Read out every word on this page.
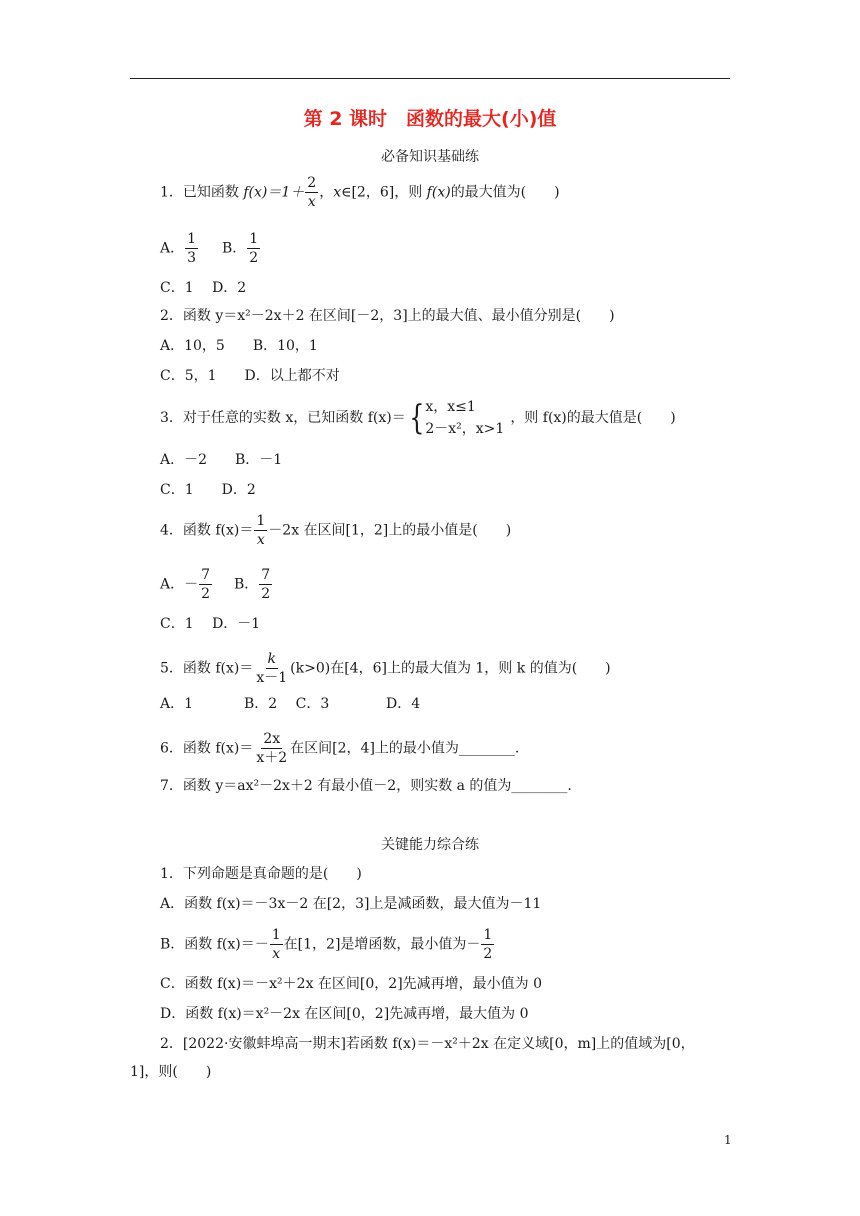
第 2 课时　函数的最大(小)值
必备知识基础练
1．已知函数 $f(x)=1+ \frac{2}{x}$ ，x∈[2，6]，则 f(x)的最大值为(　　)
A． $\frac{1}{3}$ B． $\frac{1}{2}$
C．1　 D．2
2．函数 y＝x²－2x＋2 在区间[－2，3]上的最大值、最小值分别是(　　)
A．10，5　　B．10，1
C．5，1　　D．以上都不对
3．对于任意的实数 x，已知函数 f(x)＝{ x，x≤1
2－x²，x>1
，则 f(x)的最大值是(　　)
A．－2　　B．－1
C．1　　D．2
4．函数 $f(x)= \frac{1}{x} -2x$ 在区间[1，2]上的最小值是(　　)
A．－ $\frac{7}{2}$ B． $\frac{7}{2}$
C．1　 D．－1
5．函数 $f(x)= \frac{k}{x-1} (k>0)$在[4，6]上的最大值为 1，则 k 的值为(　　)
A．1	B．2　 C．3	D．4
6．函数 $f(x)= \frac{2x}{x+2}$ 在区间[2，4]上的最小值为________.
7．函数 y＝ax²－2x＋2 有最小值－2，则实数 a 的值为________.
关键能力综合练
1．下列命题是真命题的是(　　)
A．函数 f(x)＝－3x－2 在[2，3]上是减函数，最大值为－11
B．函数 $f(x)=- \frac{1}{x}$ 在[1，2]是增函数，最小值为－ $\frac{1}{2}$
C．函数 f(x)＝－x²＋2x 在区间[0，2]先减再增，最小值为 0
D．函数 f(x)＝x²－2x 在区间[0，2]先减再增，最大值为 0
2．[2022·安徽蚌埠高一期末]若函数 f(x)＝－x²＋2x 在定义域[0，m]上的值域为[0，
1]，则(　　)
1
